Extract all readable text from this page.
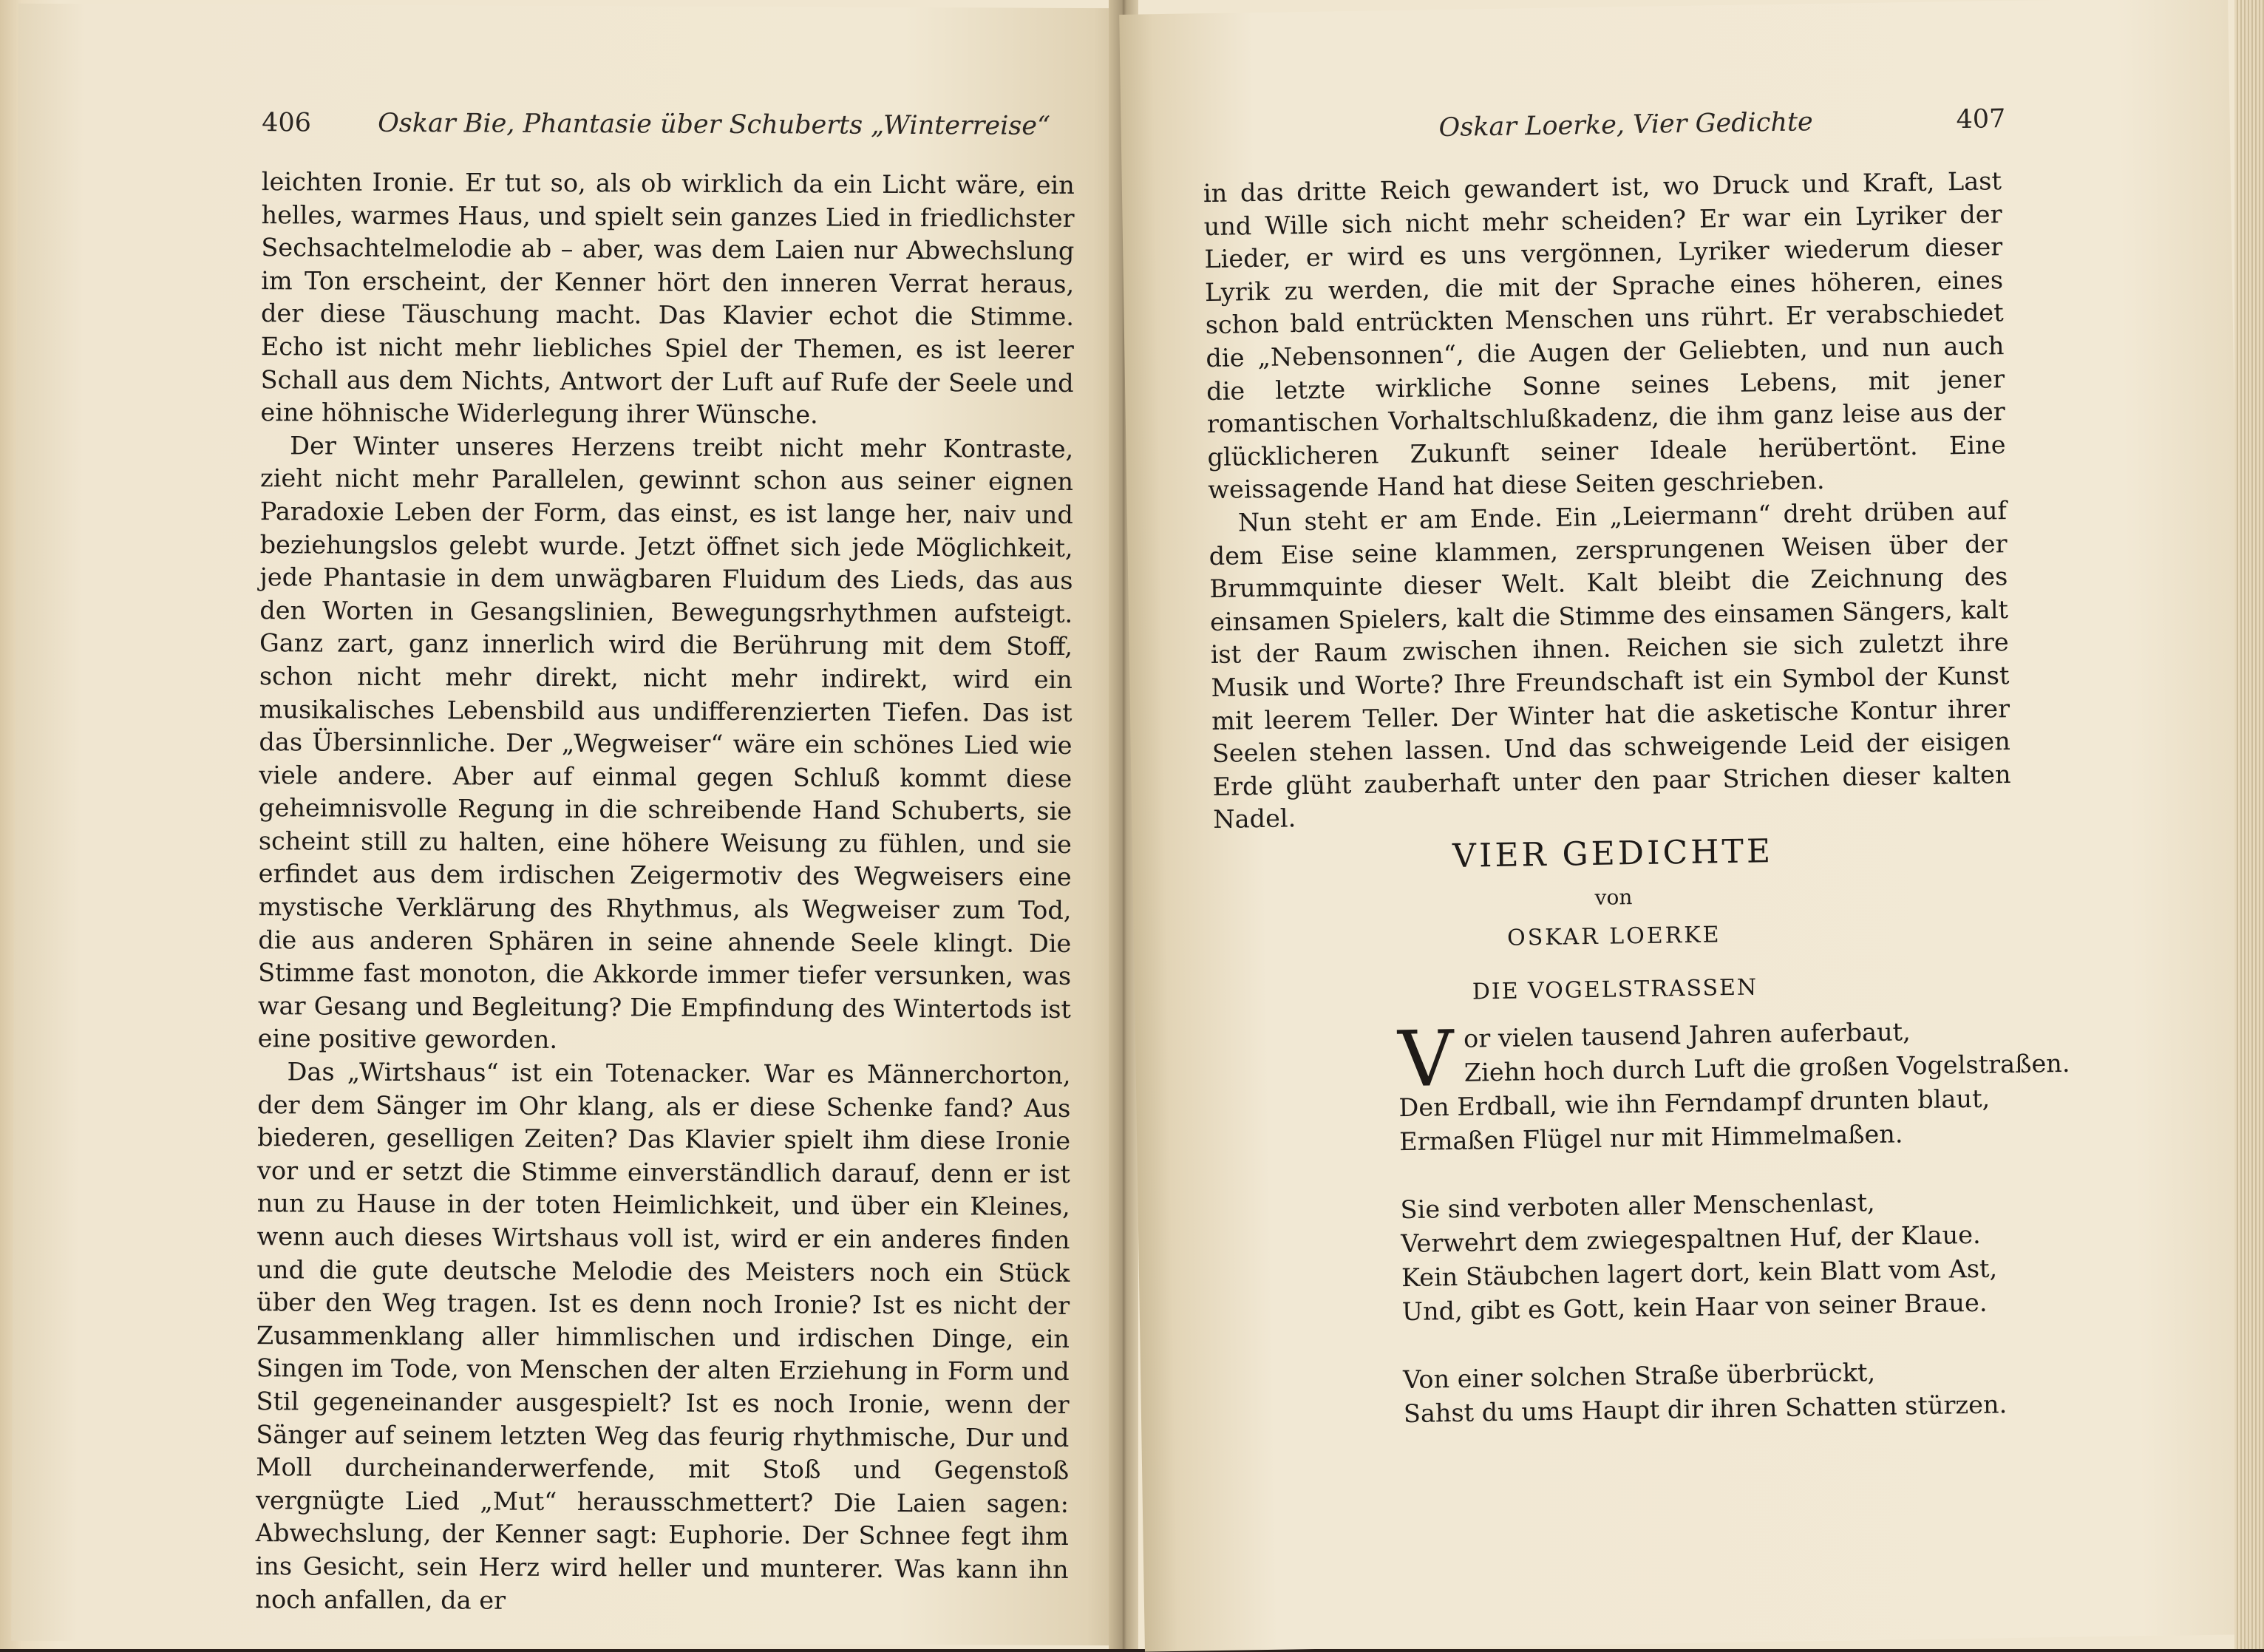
406	Oskar Bie, Phantasie über Schuberts „Winterreise“

leichten Ironie. Er tut so, als ob wirklich da ein Licht wäre, ein helles, warmes Haus, und spielt sein ganzes Lied in friedlichster Sechsachtelmelodie ab – aber, was dem Laien nur Abwechslung im Ton erscheint, der Kenner hört den inneren Verrat heraus, der diese Täuschung macht. Das Klavier echot die Stimme. Echo ist nicht mehr liebliches Spiel der Themen, es ist leerer Schall aus dem Nichts, Antwort der Luft auf Rufe der Seele und eine höhnische Widerlegung ihrer Wünsche.

Der Winter unseres Herzens treibt nicht mehr Kontraste, zieht nicht mehr Parallelen, gewinnt schon aus seiner eignen Paradoxie Leben der Form, das einst, es ist lange her, naiv und beziehungslos gelebt wurde. Jetzt öffnet sich jede Möglichkeit, jede Phantasie in dem unwägbaren Fluidum des Lieds, das aus den Worten in Gesangslinien, Bewegungsrhythmen aufsteigt. Ganz zart, ganz innerlich wird die Berührung mit dem Stoff, schon nicht mehr direkt, nicht mehr indirekt, wird ein musikalisches Lebensbild aus undifferenzierten Tiefen. Das ist das Übersinnliche. Der „Wegweiser“ wäre ein schönes Lied wie viele andere. Aber auf einmal gegen Schluß kommt diese geheimnisvolle Regung in die schreibende Hand Schuberts, sie scheint still zu halten, eine höhere Weisung zu fühlen, und sie erfindet aus dem irdischen Zeigermotiv des Wegweisers eine mystische Verklärung des Rhythmus, als Wegweiser zum Tod, die aus anderen Sphären in seine ahnende Seele klingt. Die Stimme fast monoton, die Akkorde immer tiefer versunken, was war Gesang und Begleitung? Die Empfindung des Wintertods ist eine positive geworden.

Das „Wirtshaus“ ist ein Totenacker. War es Männerchorton, der dem Sänger im Ohr klang, als er diese Schenke fand? Aus biederen, geselligen Zeiten? Das Klavier spielt ihm diese Ironie vor und er setzt die Stimme einverständlich darauf, denn er ist nun zu Hause in der toten Heimlichkeit, und über ein Kleines, wenn auch dieses Wirtshaus voll ist, wird er ein anderes finden und die gute deutsche Melodie des Meisters noch ein Stück über den Weg tragen. Ist es denn noch Ironie? Ist es nicht der Zusammenklang aller himmlischen und irdischen Dinge, ein Singen im Tode, von Menschen der alten Erziehung in Form und Stil gegeneinander ausgespielt? Ist es noch Ironie, wenn der Sänger auf seinem letzten Weg das feurig rhythmische, Dur und Moll durcheinanderwerfende, mit Stoß und Gegenstoß vergnügte Lied „Mut“ herausschmettert? Die Laien sagen: Abwechslung, der Kenner sagt: Euphorie. Der Schnee fegt ihm ins Gesicht, sein Herz wird heller und munterer. Was kann ihn noch anfallen, da er

Oskar Loerke, Vier Gedichte	407

in das dritte Reich gewandert ist, wo Druck und Kraft, Last und Wille sich nicht mehr scheiden? Er war ein Lyriker der Lieder, er wird es uns vergönnen, Lyriker wiederum dieser Lyrik zu werden, die mit der Sprache eines höheren, eines schon bald entrückten Menschen uns rührt. Er verabschiedet die „Nebensonnen“, die Augen der Geliebten, und nun auch die letzte wirkliche Sonne seines Lebens, mit jener romantischen Vorhaltschlußkadenz, die ihm ganz leise aus der glücklicheren Zukunft seiner Ideale herübertönt. Eine weissagende Hand hat diese Seiten geschrieben.

Nun steht er am Ende. Ein „Leiermann“ dreht drüben auf dem Eise seine klammen, zersprungenen Weisen über der Brummquinte dieser Welt. Kalt bleibt die Zeichnung des einsamen Spielers, kalt die Stimme des einsamen Sängers, kalt ist der Raum zwischen ihnen. Reichen sie sich zuletzt ihre Musik und Worte? Ihre Freundschaft ist ein Symbol der Kunst mit leerem Teller. Der Winter hat die asketische Kontur ihrer Seelen stehen lassen. Und das schweigende Leid der eisigen Erde glüht zauberhaft unter den paar Strichen dieser kalten Nadel.

VIER GEDICHTE
von
OSKAR LOERKE
DIE VOGELSTRASSEN
V or vielen tausend Jahren auferbaut,
Ziehn hoch durch Luft die großen Vogelstraßen.
Den Erdball, wie ihn Ferndampf drunten blaut,
Ermaßen Flügel nur mit Himmelmaßen.
Sie sind verboten aller Menschenlast,
Verwehrt dem zwiegespaltnen Huf, der Klaue.
Kein Stäubchen lagert dort, kein Blatt vom Ast,
Und, gibt es Gott, kein Haar von seiner Braue.
Von einer solchen Straße überbrückt,
Sahst du ums Haupt dir ihren Schatten stürzen.
